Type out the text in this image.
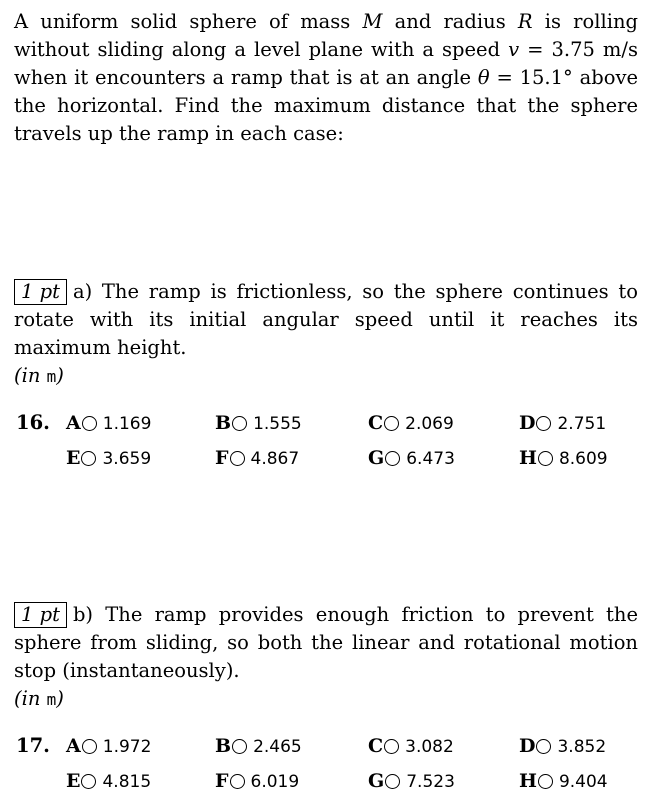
A uniform solid sphere of mass M and radius R is rolling without sliding along a level plane with a speed v = 3.75 m/s when it encounters a ramp that is at an angle θ = 15.1° above the horizontal. Find the maximum distance that the sphere travels up the ramp in each case:
1 pt a) The ramp is frictionless, so the sphere continues to rotate with its initial angular speed until it reaches its maximum height.
(in m)
16. A 1.169	B 1.555	C 2.069	D 2.751
E 3.659	F 4.867	G 6.473	H 8.609
1 pt b) The ramp provides enough friction to prevent the sphere from sliding, so both the linear and rotational motion stop (instantaneously).
(in m)
17. A 1.972	B 2.465	C 3.082	D 3.852
E 4.815	F 6.019	G 7.523	H 9.404
